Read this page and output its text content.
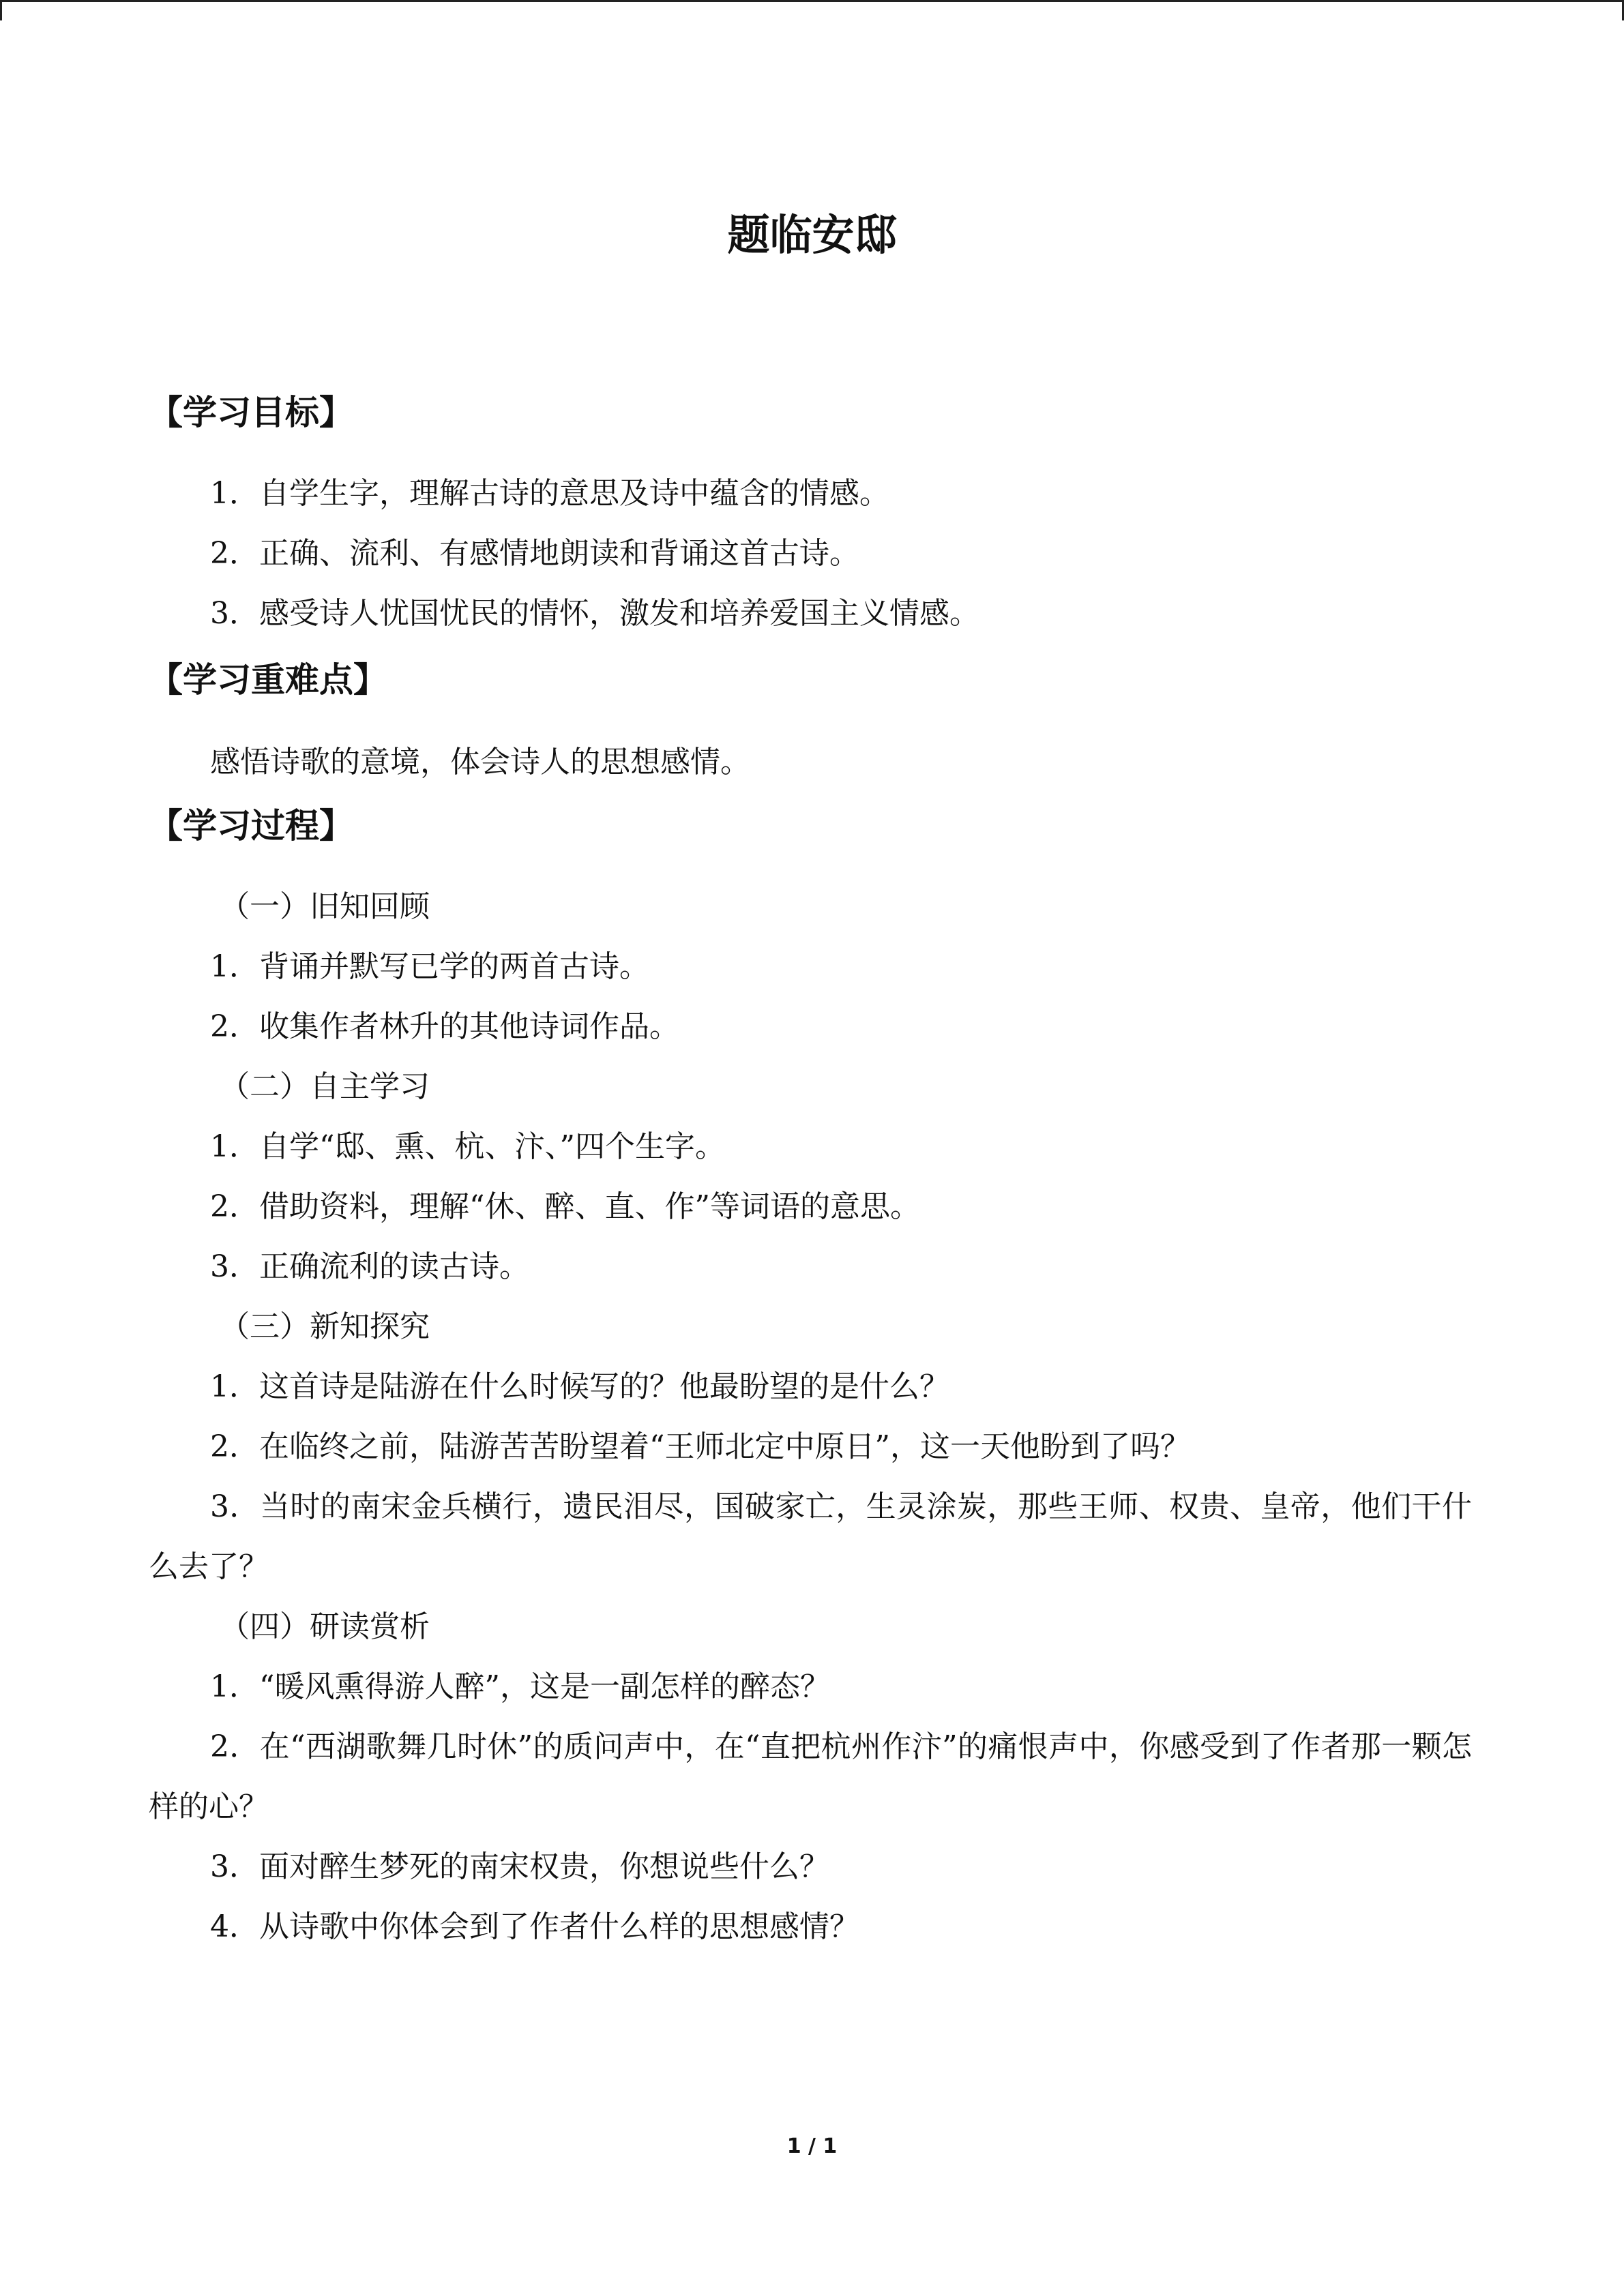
题临安邸
【学习目标】
1．自学生字，理解古诗的意思及诗中蕴含的情感。
2．正确、流利、有感情地朗读和背诵这首古诗。
3．感受诗人忧国忧民的情怀，激发和培养爱国主义情感。
【学习重难点】
感悟诗歌的意境，体会诗人的思想感情。
【学习过程】
（一）旧知回顾
1．背诵并默写已学的两首古诗。
2．收集作者林升的其他诗词作品。
（二）自主学习
1．自学“邸、熏、杭、汴、”四个生字。
2．借助资料，理解“休、醉、直、作”等词语的意思。
3．正确流利的读古诗。
（三）新知探究
1．这首诗是陆游在什么时候写的？他最盼望的是什么？
2．在临终之前，陆游苦苦盼望着“王师北定中原日”，这一天他盼到了吗？
3．当时的南宋金兵横行，遗民泪尽，国破家亡，生灵涂炭，那些王师、权贵、皇帝，他们干什么去了？
（四）研读赏析
1．“暖风熏得游人醉”，这是一副怎样的醉态？
2．在“西湖歌舞几时休”的质问声中，在“直把杭州作汴”的痛恨声中，你感受到了作者那一颗怎样的心？
3．面对醉生梦死的南宋权贵，你想说些什么？
4．从诗歌中你体会到了作者什么样的思想感情？
1 / 1
